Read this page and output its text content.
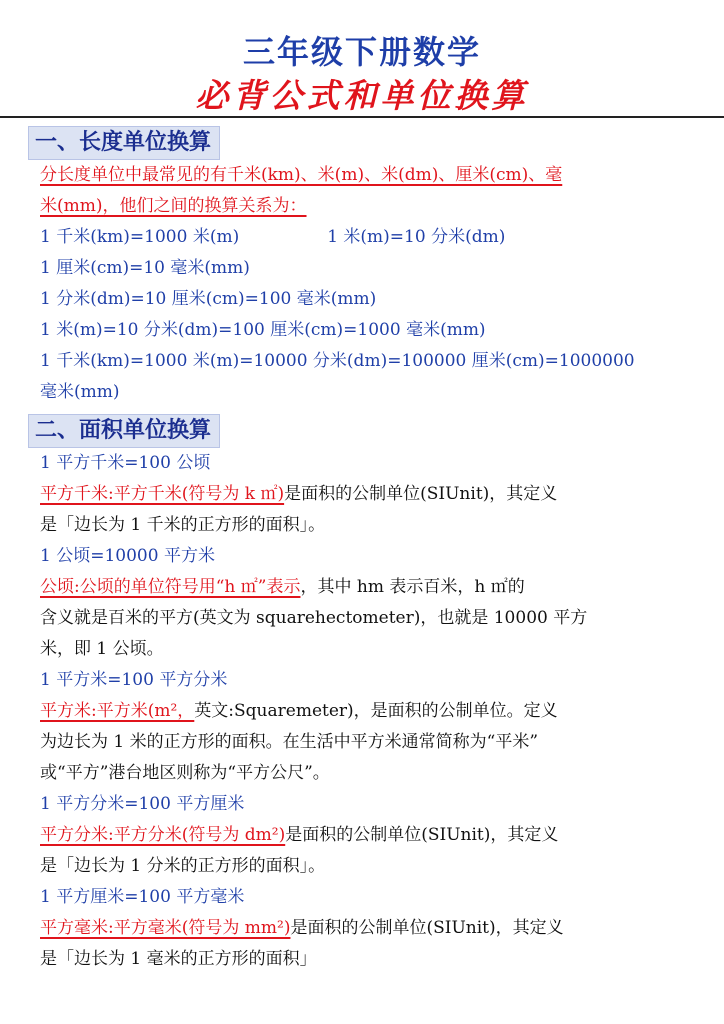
三年级下册数学
必背公式和单位换算
一、长度单位换算
分长度单位中最常见的有千米(km)、米(m)、米(dm)、厘米(cm)、毫
米(mm)，他们之间的换算关系为：
1 千米(km)=1000 米(m)	1 米(m)=10 分米(dm)
1 厘米(cm)=10 毫米(mm)
1 分米(dm)=10 厘米(cm)=100 毫米(mm)
1 米(m)=10 分米(dm)=100 厘米(cm)=1000 毫米(mm)
1 千米(km)=1000 米(m)=10000 分米(dm)=100000 厘米(cm)=1000000
毫米(mm)
二、面积单位换算
1 平方千米=100 公顷
平方千米:平方千米(符号为 k ㎡)是面积的公制单位(SIUnit)，其定义
是「边长为 1 千米的正方形的面积」。
1 公顷=10000 平方米
公顷:公顷的单位符号用“h ㎡”表示，其中 hm 表示百米，h ㎡的
含义就是百米的平方(英文为 squarehectometer)，也就是 10000 平方
米，即 1 公顷。
1 平方米=100 平方分米
平方米:平方米(m²，英文:Squaremeter)，是面积的公制单位。定义
为边长为 1 米的正方形的面积。在生活中平方米通常简称为“平米”
或“平方”港台地区则称为“平方公尺”。
1 平方分米=100 平方厘米
平方分米:平方分米(符号为 dm²)是面积的公制单位(SIUnit)，其定义
是「边长为 1 分米的正方形的面积」。
1 平方厘米=100 平方毫米
平方毫米:平方毫米(符号为 mm²)是面积的公制单位(SIUnit)，其定义
是「边长为 1 毫米的正方形的面积」
